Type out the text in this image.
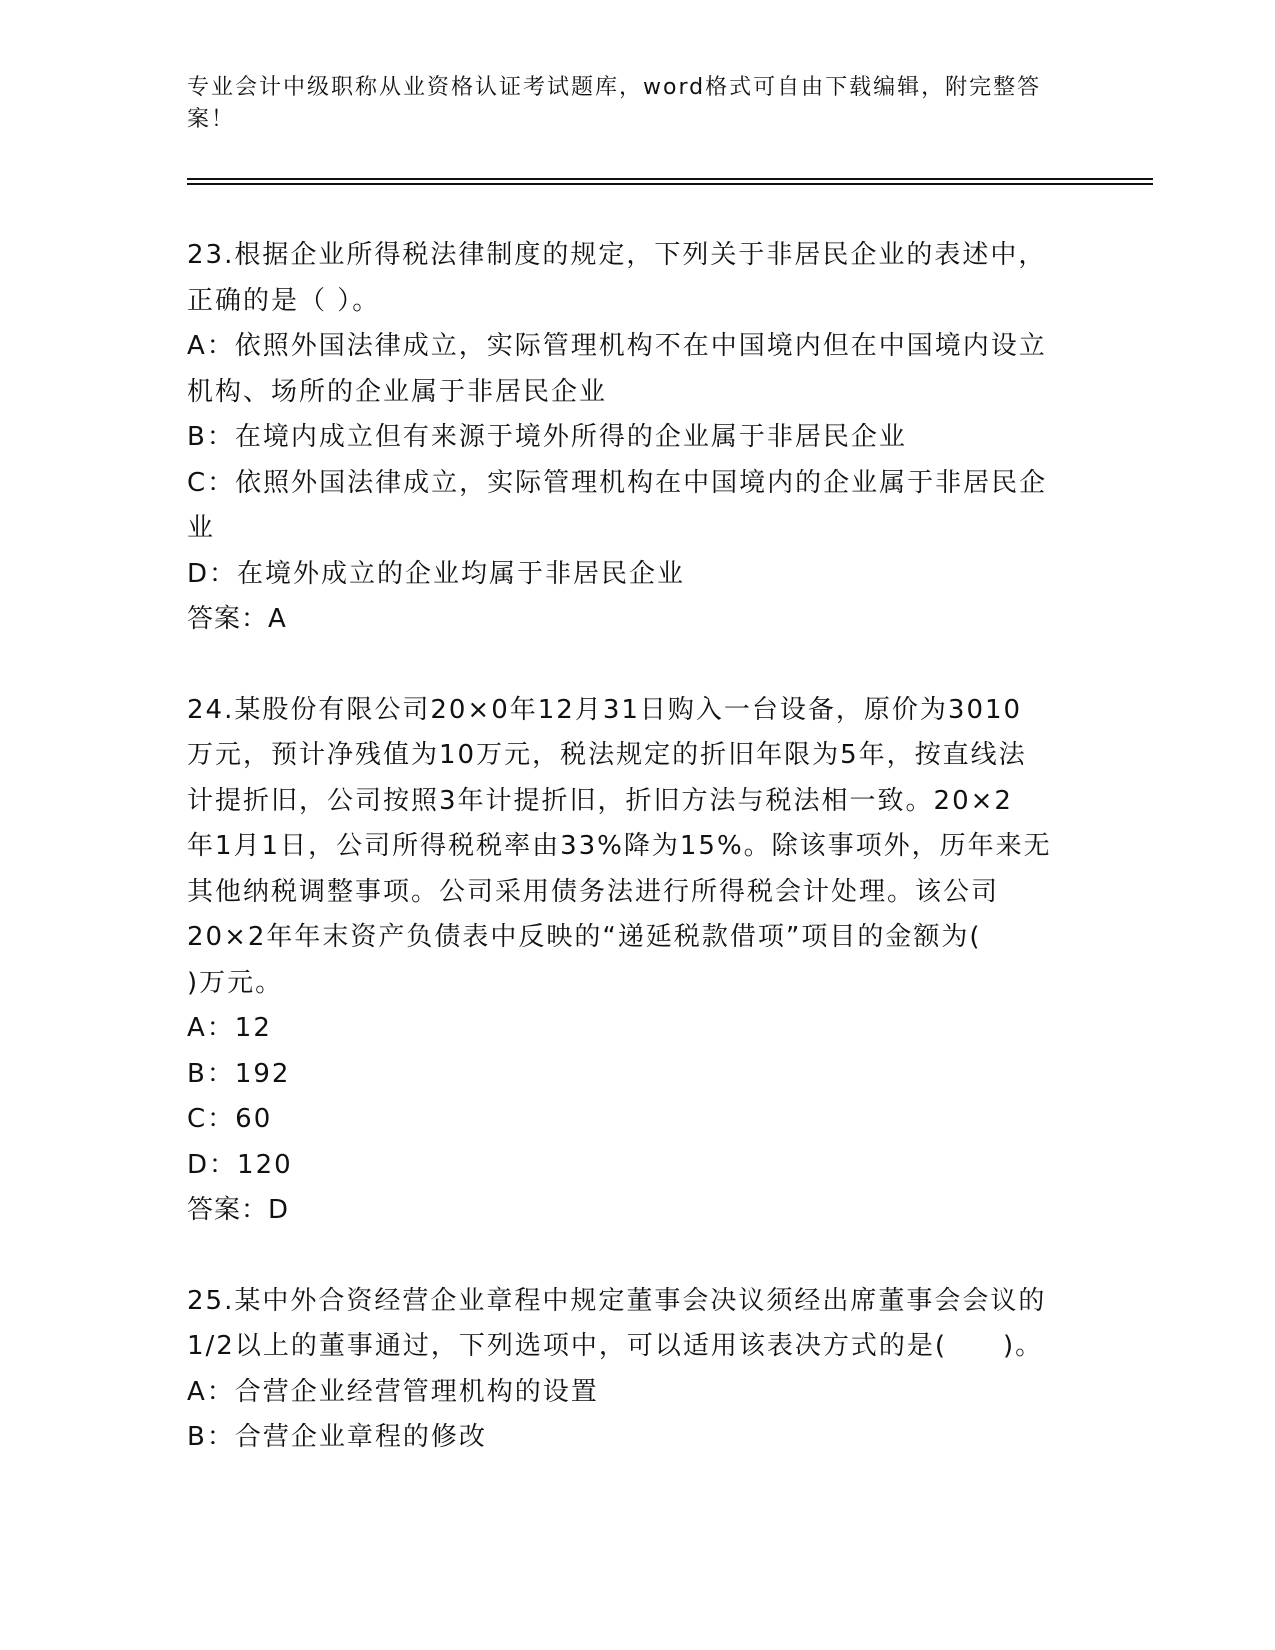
专业会计中级职称从业资格认证考试题库，word格式可自由下载编辑，附完整答案！

23.根据企业所得税法律制度的规定，下列关于非居民企业的表述中，

正确的是（ ）。

A：依照外国法律成立，实际管理机构不在中国境内但在中国境内设立

机构、场所的企业属于非居民企业

B：在境内成立但有来源于境外所得的企业属于非居民企业

C：依照外国法律成立，实际管理机构在中国境内的企业属于非居民企

业

D：在境外成立的企业均属于非居民企业

答案：A

24.某股份有限公司20×0年12月31日购入一台设备，原价为3010

万元，预计净残值为10万元，税法规定的折旧年限为5年，按直线法

计提折旧，公司按照3年计提折旧，折旧方法与税法相一致。20×2

年1月1日，公司所得税税率由33%降为15%。除该事项外，历年来无

其他纳税调整事项。公司采用债务法进行所得税会计处理。该公司

20×2年年末资产负债表中反映的“递延税款借项”项目的金额为(

)万元。

A：12

B：192

C：60

D：120

答案：D

25.某中外合资经营企业章程中规定董事会决议须经出席董事会会议的

1/2以上的董事通过，下列选项中，可以适用该表决方式的是(　　)。

A：合营企业经营管理机构的设置

B：合营企业章程的修改
